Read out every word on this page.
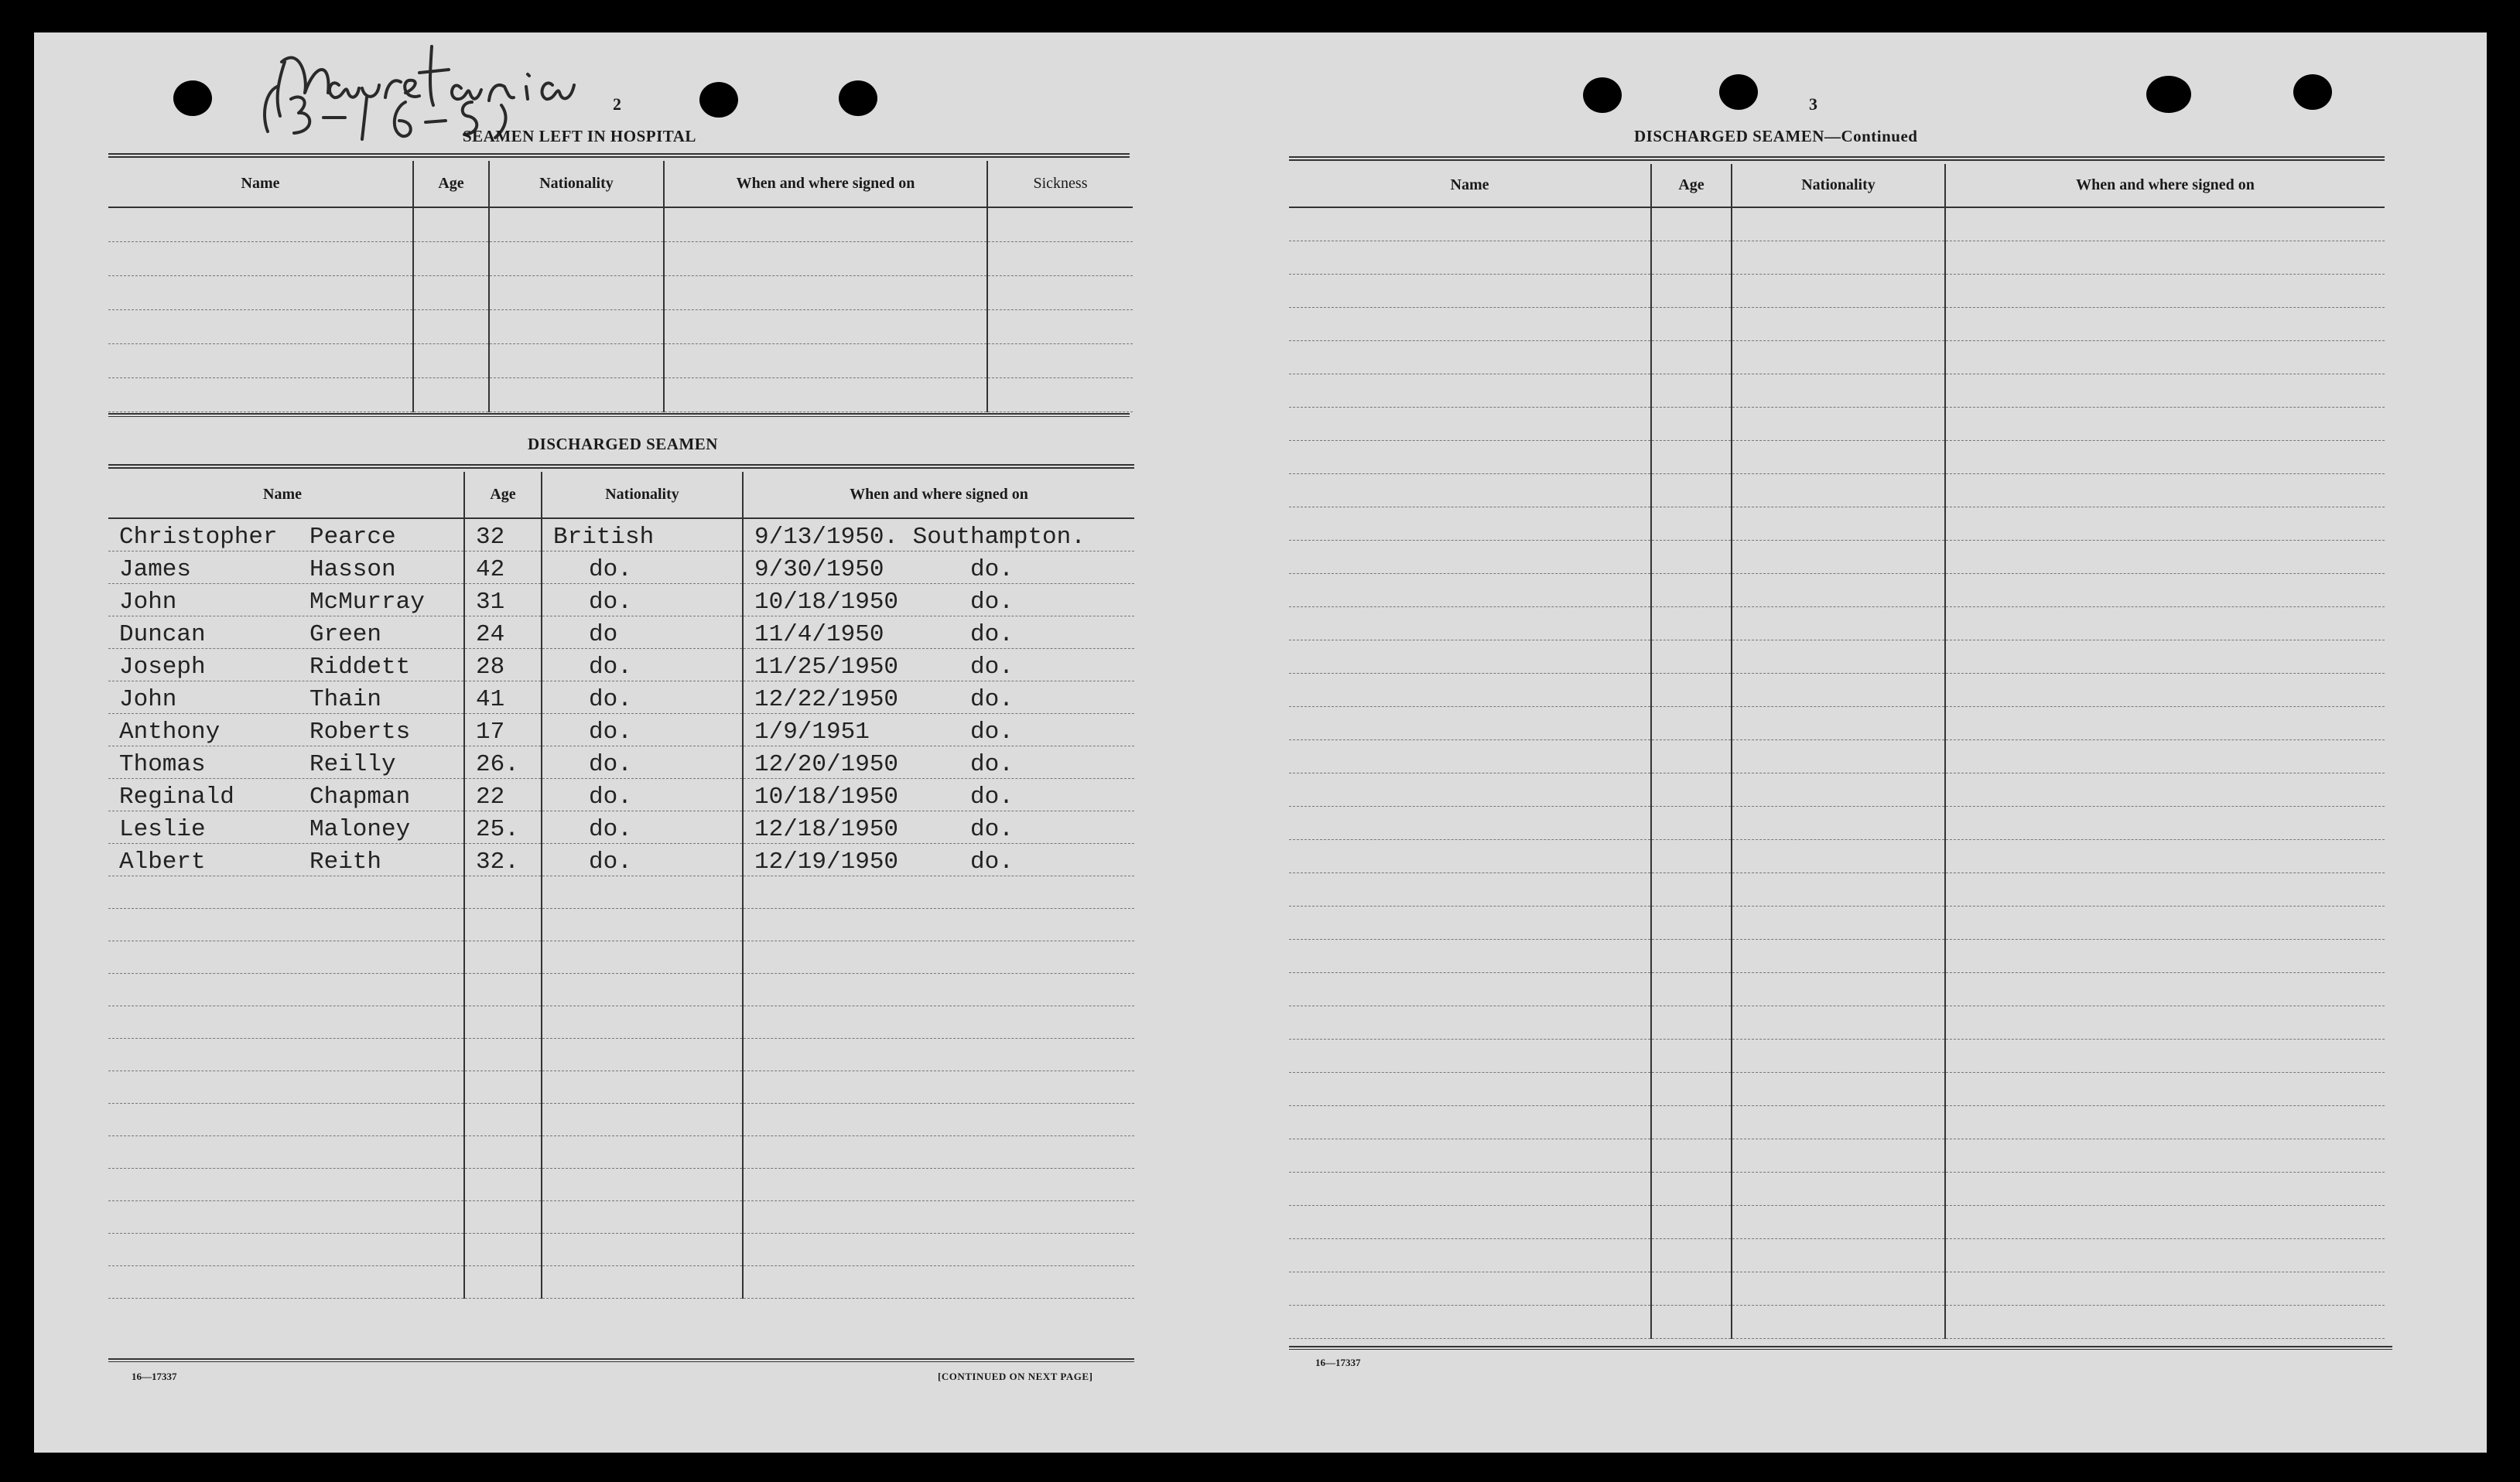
2
SEAMEN LEFT IN HOSPITAL
Name	Age	Nationality	When and where signed on	Sickness

DISCHARGED SEAMEN
Name	Age	Nationality	When and where signed on

Christopher Pearce	32	British	9/13/1950. Southampton.

James Hasson	42	do.	9/30/1950      do.

John McMurray	31	do.	10/18/1950     do.

Duncan Green	24	do	11/4/1950      do.

Joseph Riddett	28	do.	11/25/1950     do.

John Thain	41	do.	12/22/1950     do.

Anthony Roberts	17	do.	1/9/1951       do.

Thomas Reilly	26.	do.	12/20/1950     do.

Reginald Chapman	22	do.	10/18/1950     do.

Leslie Maloney	25.	do.	12/18/1950     do.

Albert Reith	32.	do.	12/19/1950     do.

16—17337	[CONTINUED ON NEXT PAGE]
3
DISCHARGED SEAMEN—Continued
Name	Age	Nationality	When and where signed on

16—17337
